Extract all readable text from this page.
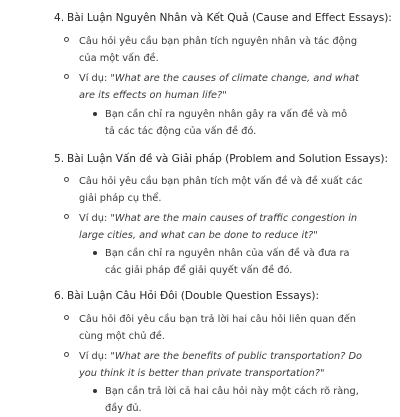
4. Bài Luận Nguyên Nhân và Kết Quả (Cause and Effect Essays):
Câu hỏi yêu cầu bạn phân tích nguyên nhân và tác động của một vấn đề.
Ví dụ: "What are the causes of climate change, and what are its effects on human life?"
Bạn cần chỉ ra nguyên nhân gây ra vấn đề và mô tả các tác động của vấn đề đó.
5. Bài Luận Vấn đề và Giải pháp (Problem and Solution Essays):
Câu hỏi yêu cầu bạn phân tích một vấn đề và đề xuất các giải pháp cụ thể.
Ví dụ: "What are the main causes of traffic congestion in large cities, and what can be done to reduce it?"
Bạn cần chỉ ra nguyên nhân của vấn đề và đưa ra các giải pháp để giải quyết vấn đề đó.
6. Bài Luận Câu Hỏi Đôi (Double Question Essays):
Câu hỏi đôi yêu cầu bạn trả lời hai câu hỏi liên quan đến cùng một chủ đề.
Ví dụ: "What are the benefits of public transportation? Do you think it is better than private transportation?"
Bạn cần trả lời cả hai câu hỏi này một cách rõ ràng, đầy đủ.
